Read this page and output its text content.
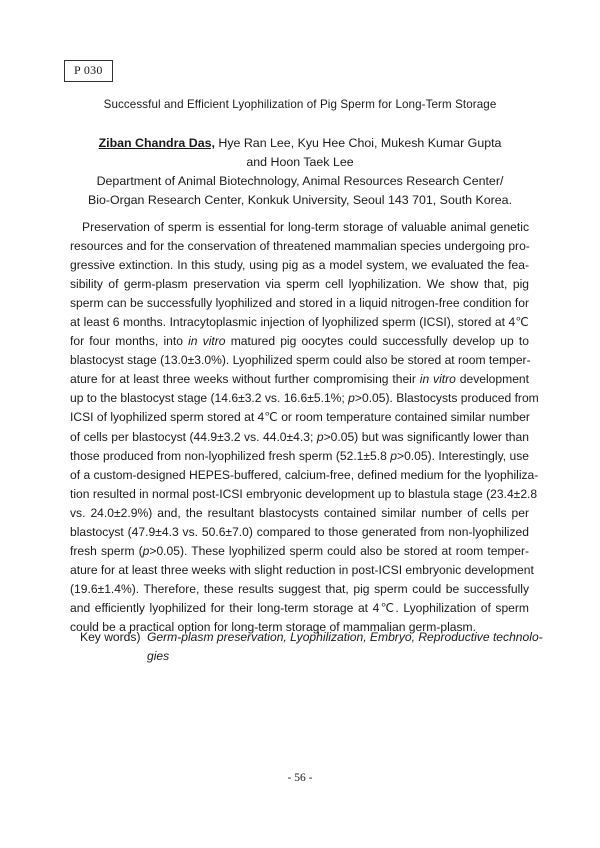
P 030
Successful and Efficient Lyophilization of Pig Sperm for Long-Term Storage
Ziban Chandra Das, Hye Ran Lee, Kyu Hee Choi, Mukesh Kumar Gupta
and Hoon Taek Lee
Department of Animal Biotechnology, Animal Resources Research Center/
Bio-Organ Research Center, Konkuk University, Seoul 143 701, South Korea.
Preservation of sperm is essential for long-term storage of valuable animal genetic
resources and for the conservation of threatened mammalian species undergoing pro-
gressive extinction. In this study, using pig as a model system, we evaluated the fea-
sibility of germ-plasm preservation via sperm cell lyophilization. We show that, pig
sperm can be successfully lyophilized and stored in a liquid nitrogen-free condition for
at least 6 months. Intracytoplasmic injection of lyophilized sperm (ICSI), stored at 4℃
for four months, into in vitro matured pig oocytes could successfully develop up to
blastocyst stage (13.0±3.0%). Lyophilized sperm could also be stored at room temper-
ature for at least three weeks without further compromising their in vitro development
up to the blastocyst stage (14.6±3.2 vs. 16.6±5.1%; p>0.05). Blastocysts produced from
ICSI of lyophilized sperm stored at 4℃ or room temperature contained similar number
of cells per blastocyst (44.9±3.2 vs. 44.0±4.3; p>0.05) but was significantly lower than
those produced from non-lyophilized fresh sperm (52.1±5.8 p>0.05). Interestingly, use
of a custom-designed HEPES-buffered, calcium-free, defined medium for the lyophiliza-
tion resulted in normal post-ICSI embryonic development up to blastula stage (23.4±2.8
vs. 24.0±2.9%) and, the resultant blastocysts contained similar number of cells per
blastocyst (47.9±4.3 vs. 50.6±7.0) compared to those generated from non-lyophilized
fresh sperm (p>0.05). These lyophilized sperm could also be stored at room temper-
ature for at least three weeks with slight reduction in post-ICSI embryonic development
(19.6±1.4%). Therefore, these results suggest that, pig sperm could be successfully
and efficiently lyophilized for their long-term storage at 4℃. Lyophilization of sperm
could be a practical option for long-term storage of mammalian germ-plasm.
Key words) Germ-plasm preservation, Lyophilization, Embryo, Reproductive technolo-
gies
- 56 -
